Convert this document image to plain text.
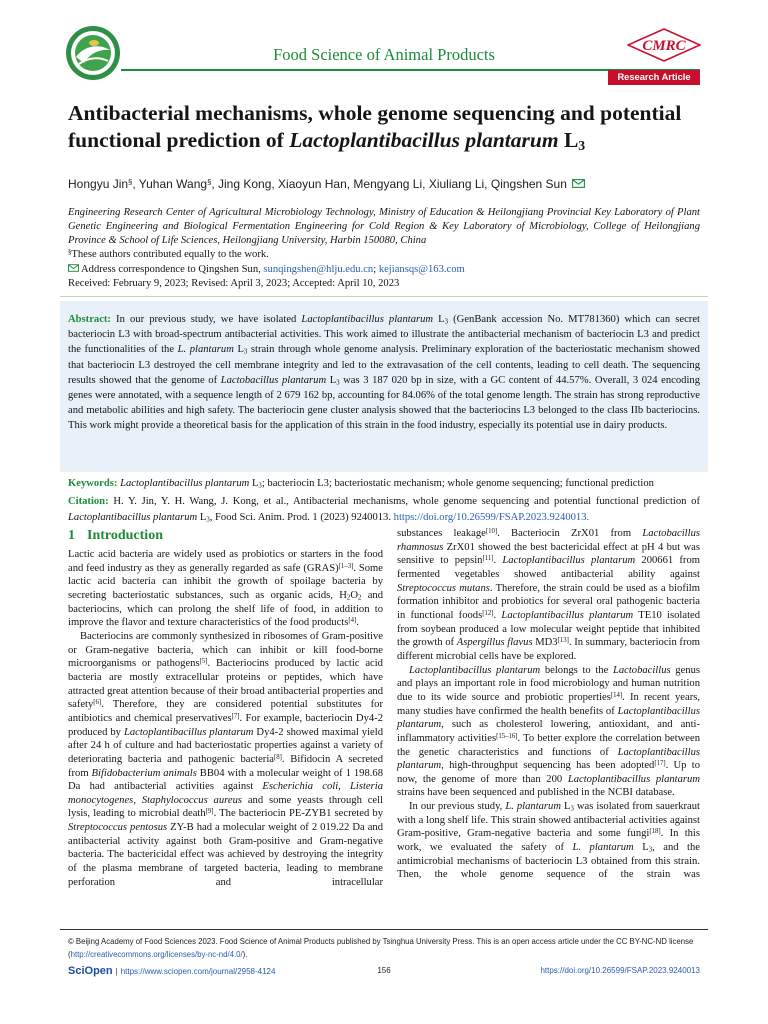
Food Science of Animal Products	CMRC
Research Article
Antibacterial mechanisms, whole genome sequencing and potential
functional prediction of Lactoplantibacillus plantarum $L_3$
Hongyu Jin§, Yuhan Wang§, Jing Kong, Xiaoyun Han, Mengyang Li, Xiuliang Li, Qingshen Sun
Engineering Research Center of Agricultural Microbiology Technology, Ministry of Education & Heilongjiang Provincial Key Laboratory of Plant Genetic Engineering and Biological Fermentation Engineering for Cold Region & Key Laboratory of Microbiology, College of Heilongjiang Province & School of Life Sciences, Heilongjiang University, Harbin 150080, China
§These authors contributed equally to the work.
Address correspondence to Qingshen Sun, sunqingshen@hlju.edu.cn; kejiansqs@163.com
Received: February 9, 2023; Revised: April 3, 2023; Accepted: April 10, 2023
Abstract: In our previous study, we have isolated Lactoplantibacillus plantarum $L_3$ (GenBank accession No. MT781360) which can secret bacteriocin L3 with broad-spectrum antibacterial activities. This work aimed to illustrate the antibacterial mechanism of bacteriocin L3 and predict the functionalities of the L. plantarum $L_3$ strain through whole genome analysis. Preliminary exploration of the bacteriostatic mechanism showed that bacteriocin L3 destroyed the cell membrane integrity and led to the extravasation of the cell contents, leading to cell death. The sequencing results showed that the genome of Lactobacillus plantarum $L_3$ was 3 187 020 bp in size, with a GC content of 44.57%. Overall, 3 024 encoding genes were annotated, with a sequence length of 2 679 162 bp, accounting for 84.06% of the total genome length. The strain has strong reproductive and metabolic abilities and high safety. The bacteriocin gene cluster analysis showed that the bacteriocins L3 belonged to the class IIb bacteriocins. This work might provide a theoretical basis for the application of this strain in the food industry, especially its potential use in dairy products.
Keywords: Lactoplantibacillus plantarum $L_3$; bacteriocin L3; bacteriostatic mechanism; whole genome sequencing; functional prediction
Citation: H. Y. Jin, Y. H. Wang, J. Kong, et al., Antibacterial mechanisms, whole genome sequencing and potential functional prediction of Lactoplantibacillus plantarum $L_3$, Food Sci. Anim. Prod. 1 (2023) 9240013. https://doi.org/10.26599/FSAP.2023.9240013.
1 Introduction

Lactic acid bacteria are widely used as probiotics or starters in the food and feed industry as they as generally regarded as safe (GRAS)[1–3]. Some lactic acid bacteria can inhibit the growth of spoilage bacteria by secreting bacteriostatic substances, such as organic acids, $H_2O_2$ and bacteriocins, which can prolong the shelf life of food, in addition to improve the flavor and texture characteristics of the food products[4].

Bacteriocins are commonly synthesized in ribosomes of Gram-positive or Gram-negative bacteria, which can inhibit or kill food-borne microorganisms or pathogens[5]. Bacteriocins produced by lactic acid bacteria are mostly extracellular proteins or peptides, which have attracted great attention because of their broad antibacterial properties and safety[6]. Therefore, they are considered potential substitutes for antibiotics and chemical preservatives[7]. For example, bacteriocin Dy4-2 produced by Lactoplantibacillus plantarum Dy4-2 showed maximal yield after 24 h of culture and had bacteriostatic properties against a variety of deteriorating bacteria and pathogenic bacteria[8]. Bifidocin A secreted from Bifidobacterium animals BB04 with a molecular weight of 1 198.68 Da had antibacterial activities against Escherichia coli, Listeria monocytogenes, Staphylococcus aureus and some yeasts through cell lysis, leading to microbial death[9]. The bacteriocin PE-ZYB1 secreted by Streptococcus pentosus ZY-B had a molecular weight of 2 019.22 Da and antibacterial activity against both Gram-positive and Gram-negative bacteria. The bactericidal effect was achieved by destroying the integrity of the plasma membrane of targeted bacteria, leading to membrane perforation and intracellular

substances leakage[10]. Bacteriocin ZrX01 from Lactobacillus rhamnosus ZrX01 showed the best bactericidal effect at pH 4 but was sensitive to pepsin[11]. Lactoplantibacillus plantarum 200661 from fermented vegetables showed antibacterial ability against Streptococcus mutans. Therefore, the strain could be used as a biofilm formation inhibitor and probiotics for several oral pathogenic bacteria in functional foods[12]. Lactoplantibacillus plantarum TE10 isolated from soybean produced a low molecular weight peptide that inhibited the growth of Aspergillus flavus MD3[13]. In summary, bacteriocin from different microbial cells have be explored.

Lactoplantibacillus plantarum belongs to the Lactobacillus genus and plays an important role in food microbiology and human nutrition due to its wide source and probiotic properties[14]. In recent years, many studies have confirmed the health benefits of Lactoplantibacillus plantarum, such as cholesterol lowering, antioxidant, and anti-inflammatory activities[15–16]. To better explore the correlation between the genetic characteristics and functions of Lactoplantibacillus plantarum, high-throughput sequencing has been adopted[17]. Up to now, the genome of more than 200 Lactoplantibacillus plantarum strains have been sequenced and published in the NCBI database.

In our previous study, L. plantarum $L_3$ was isolated from sauerkraut with a long shelf life. This strain showed antibacterial activities against Gram-positive, Gram-negative bacteria and some fungi[18]. In this work, we evaluated the safety of L. plantarum $L_3$, and the antimicrobial mechanisms of bacteriocin L3 obtained from this strain. Then, the whole genome sequence of the strain was

© Beijing Academy of Food Sciences 2023. Food Science of Animal Products published by Tsinghua University Press. This is an open access article under the CC BY-NC-ND license (http://creativecommons.org/licenses/by-nc-nd/4.0/).
SciOpen | https://www.sciopen.com/journal/2958-4124	156	https://doi.org/10.26599/FSAP.2023.9240013
